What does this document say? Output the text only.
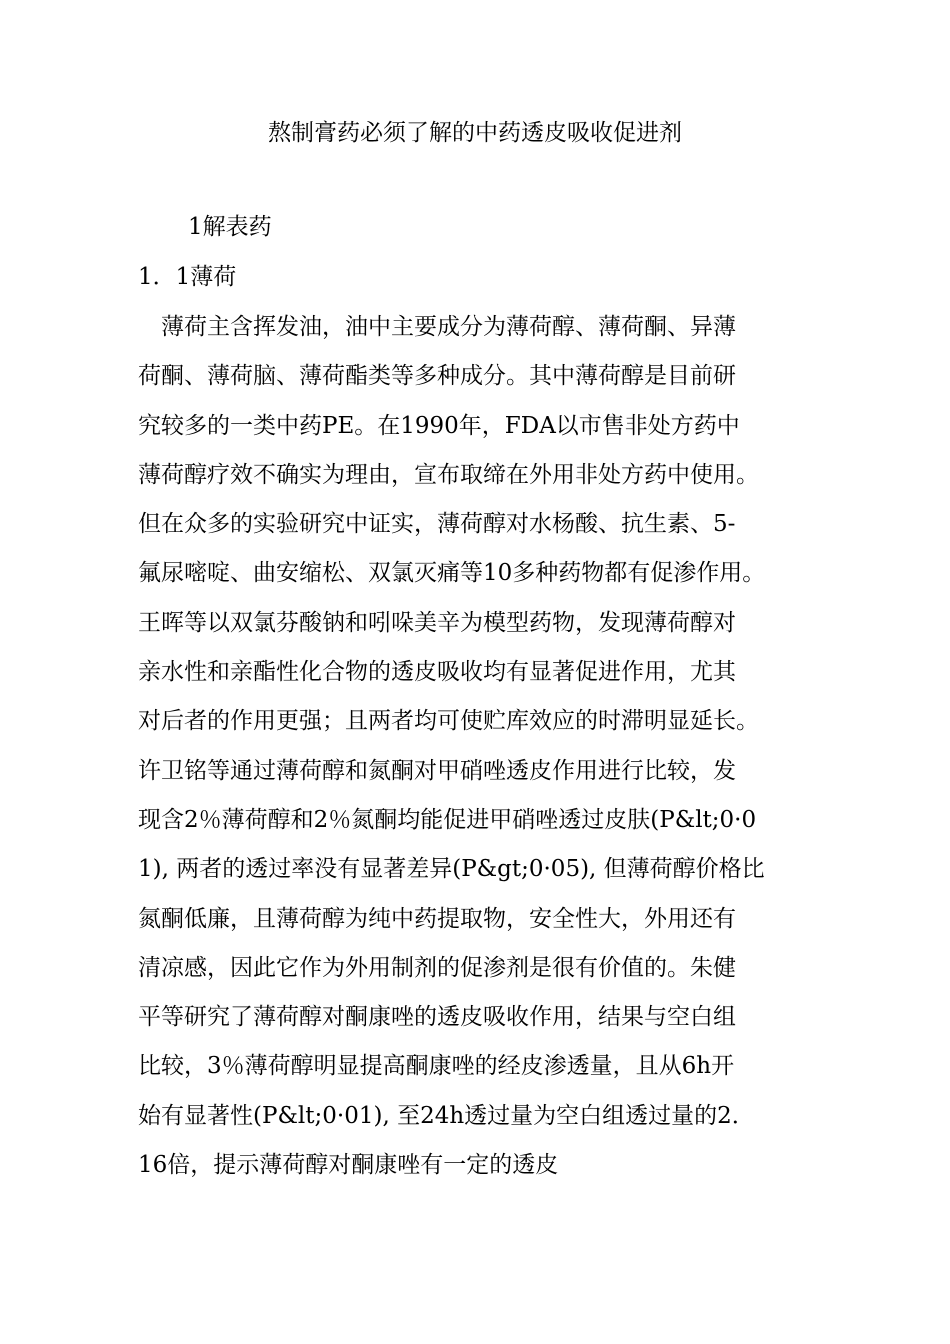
熬制膏药必须了解的中药透皮吸收促进剂
1解表药
1．1薄荷
　薄荷主含挥发油，油中主要成分为薄荷醇、薄荷酮、异薄
荷酮、薄荷脑、薄荷酯类等多种成分。其中薄荷醇是目前研
究较多的一类中药PE。在1990年，FDA以市售非处方药中
薄荷醇疗效不确实为理由，宣布取缔在外用非处方药中使用。
但在众多的实验研究中证实，薄荷醇对水杨酸、抗生素、5-
氟尿嘧啶、曲安缩松、双氯灭痛等10多种药物都有促渗作用。
王晖等以双氯芬酸钠和吲哚美辛为模型药物，发现薄荷醇对
亲水性和亲酯性化合物的透皮吸收均有显著促进作用，尤其
对后者的作用更强；且两者均可使贮库效应的时滞明显延长。
许卫铭等通过薄荷醇和氮酮对甲硝唑透皮作用进行比较，发
现含2％薄荷醇和2％氮酮均能促进甲硝唑透过皮肤(P&lt;0·0
1), 两者的透过率没有显著差异(P&gt;0·05), 但薄荷醇价格比
氮酮低廉，且薄荷醇为纯中药提取物，安全性大，外用还有
清凉感，因此它作为外用制剂的促渗剂是很有价值的。朱健
平等研究了薄荷醇对酮康唑的透皮吸收作用，结果与空白组
比较，3％薄荷醇明显提高酮康唑的经皮渗透量，且从6h开
始有显著性(P&lt;0·01), 至24h透过量为空白组透过量的2．
16倍，提示薄荷醇对酮康唑有一定的透皮
